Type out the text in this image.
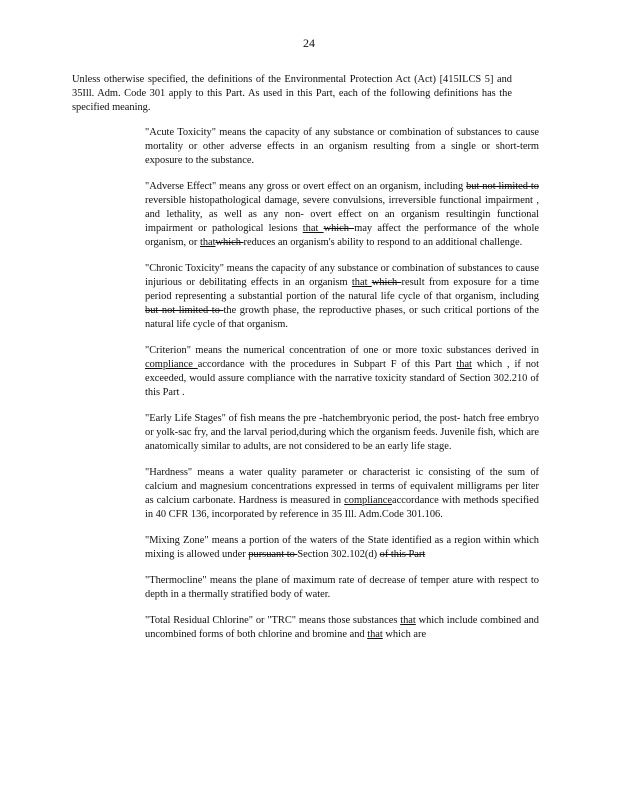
24

Unless otherwise specified, the definitions of the Environmental Protection Act (Act) [415ILCS 5] and 35Ill. Adm. Code 301 apply to this Part. As used in this Part, each of the following definitions has the specified meaning.

"Acute Toxicity" means the capacity of any substance or combination of substances to cause mortality or other adverse effects in an organism resulting from a single or short-term exposure to the substance.

"Adverse Effect" means any gross or overt effect on an organism, including but not limited to reversible histopathological damage, severe convulsions, irreversible functional impairment , and lethality, as well as any non- overt effect on an organism resultingin functional impairment or pathological lesions that which may affect the performance of the whole organism, or thatwhich reduces an organism's ability to respond to an additional challenge.

"Chronic Toxicity" means the capacity of any substance or combination of substances to cause injurious or debilitating effects in an organism that which result from exposure for a time period representing a substantial portion of the natural life cycle of that organism, including but not limited to the growth phase, the reproductive phases, or such critical portions of the natural life cycle of that organism.

"Criterion" means the numerical concentration of one or more toxic substances derived in compliance accordance with the procedures in Subpart F of this Part that which , if not exceeded, would assure compliance with the narrative toxicity standard of Section 302.210 of this Part .

"Early Life Stages" of fish means the pre -hatchembryonic period, the post- hatch free embryo or yolk-sac fry, and the larval period,during which the organism feeds. Juvenile fish, which are anatomically similar to adults, are not considered to be an early life stage.

"Hardness" means a water quality parameter or characterist ic consisting of the sum of calcium and magnesium concentrations expressed in terms of equivalent milligrams per liter as calcium carbonate. Hardness is measured in complianceaccordance with methods specified in 40 CFR 136, incorporated by reference in 35 Ill. Adm.Code 301.106.

"Mixing Zone" means a portion of the waters of the State identified as a region within which mixing is allowed under pursuant to Section 302.102(d) of this Part

"Thermocline" means the plane of maximum rate of decrease of temper ature with respect to depth in a thermally stratified body of water.

"Total Residual Chlorine" or "TRC" means those substances that which include combined and uncombined forms of both chlorine and bromine and that which are
